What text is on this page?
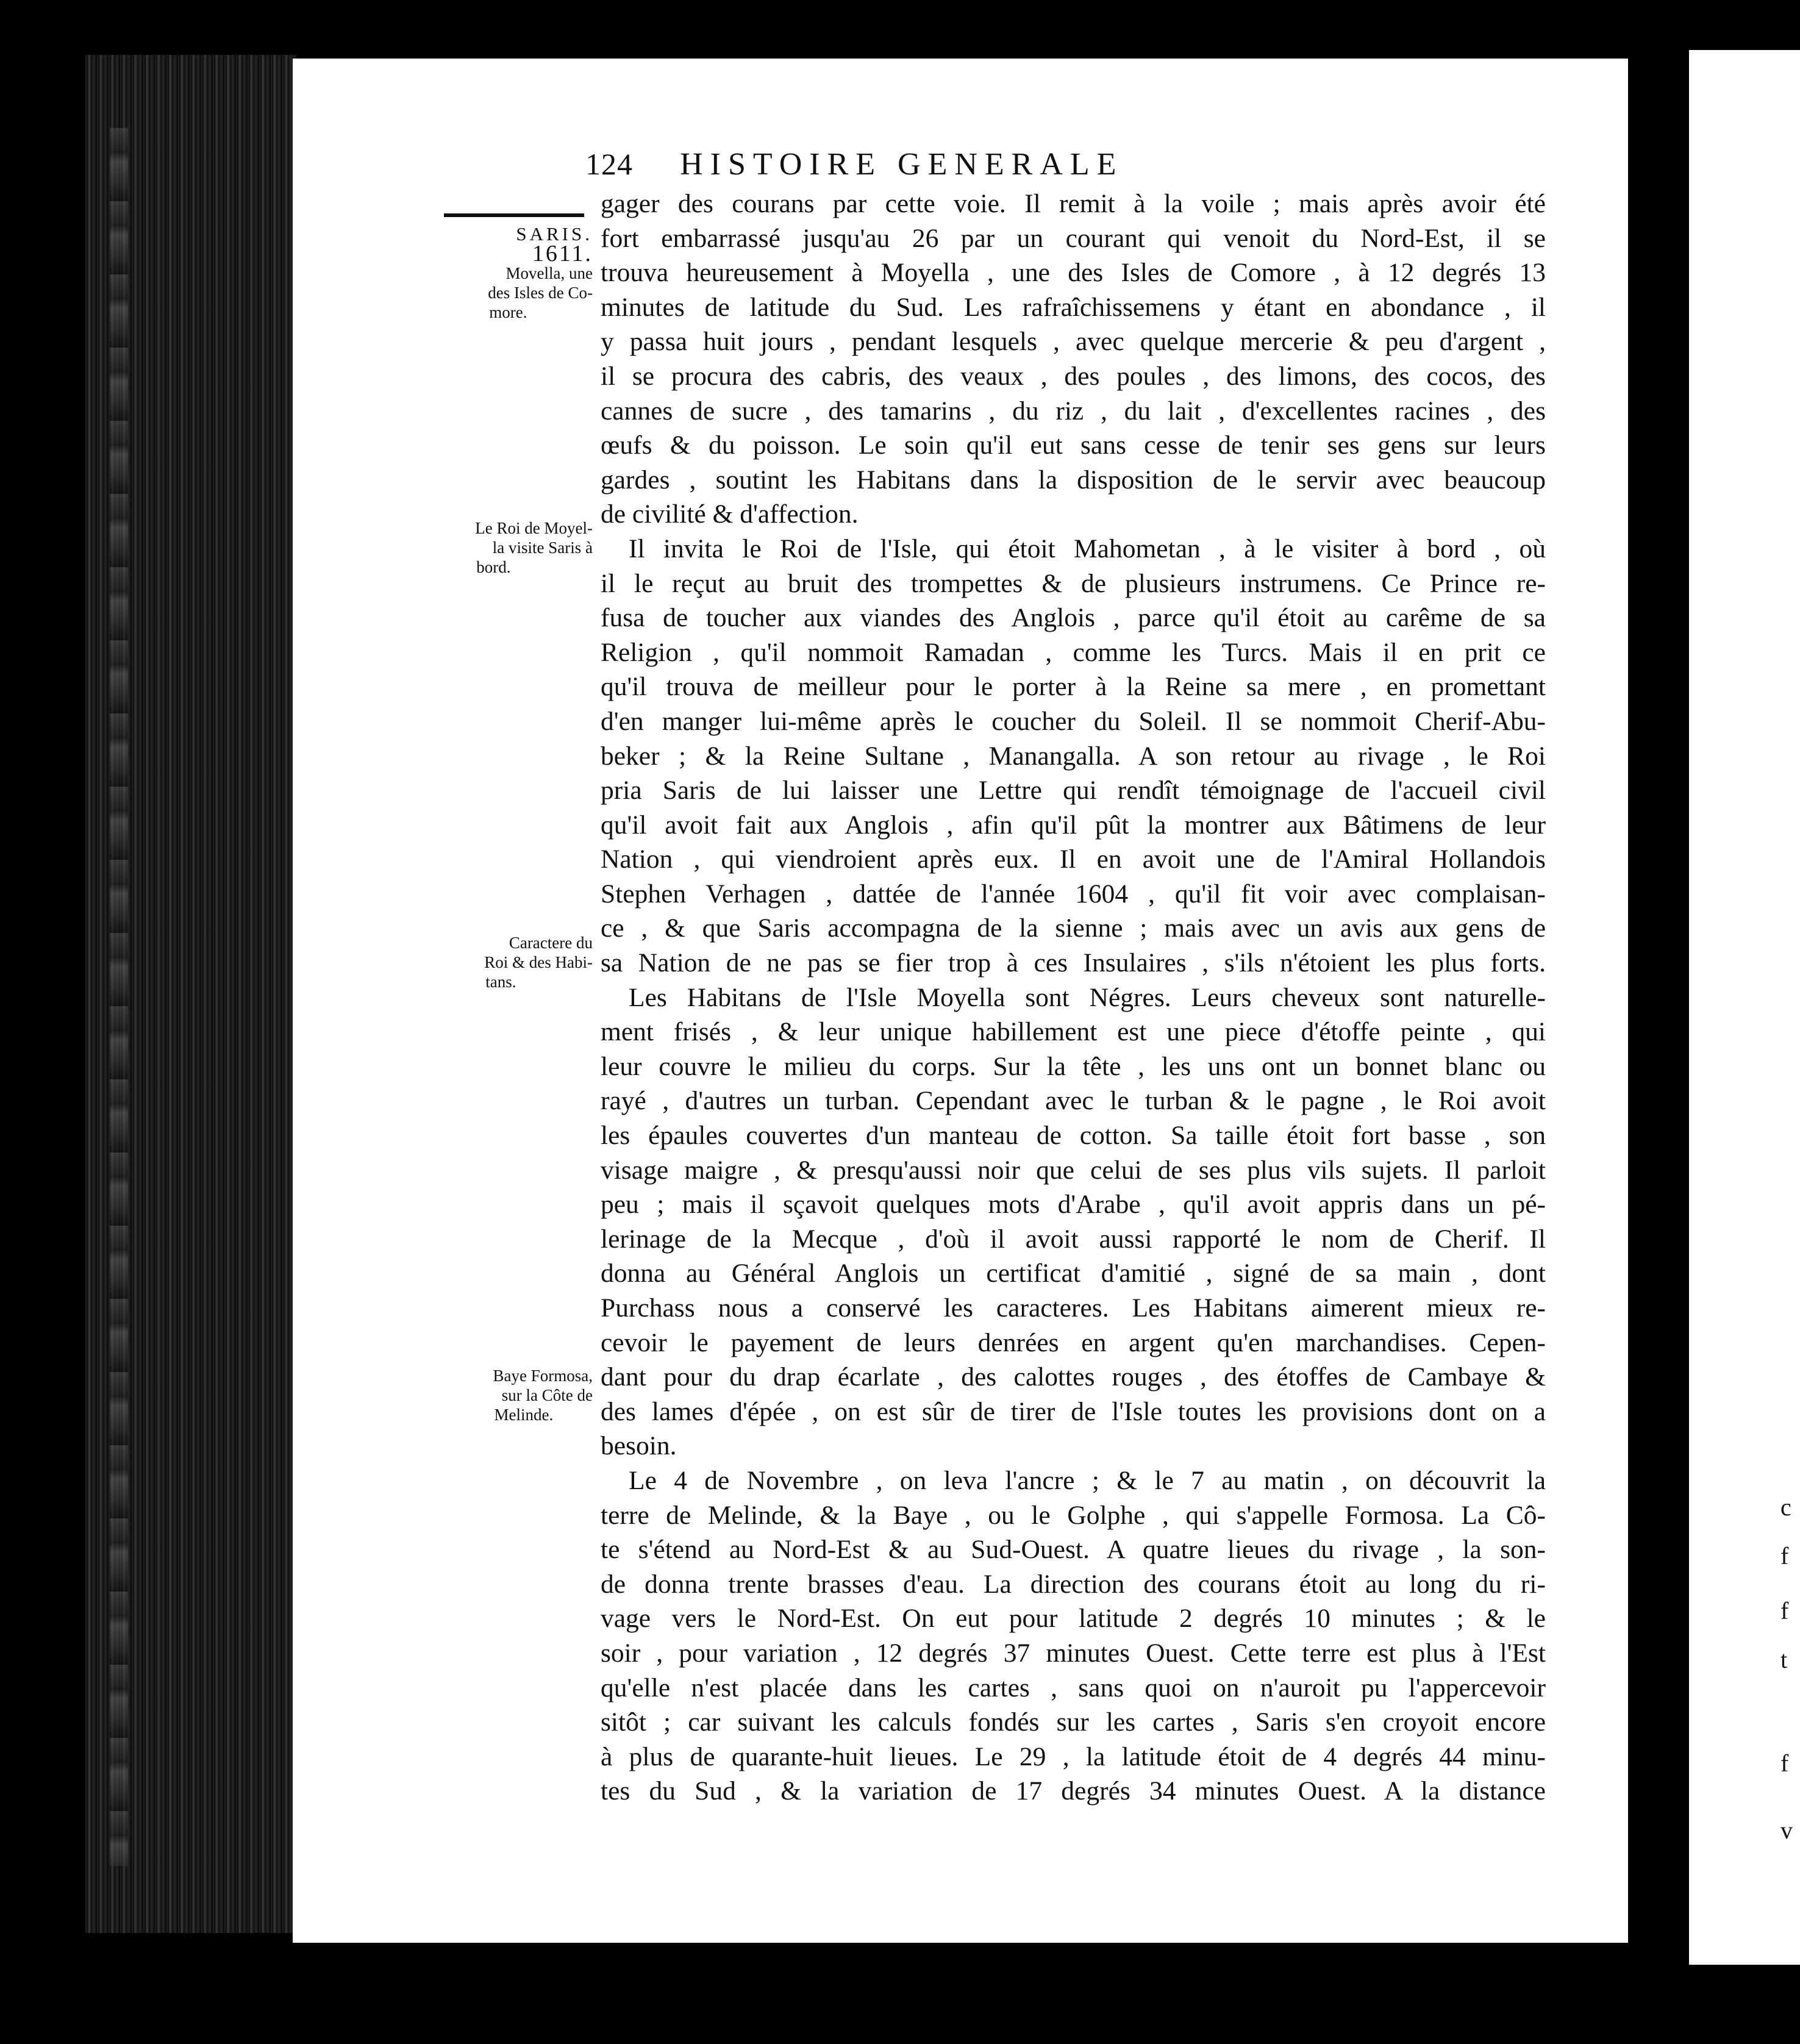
c
f
f
t
f
v
124 HISTOIRE GENERALE
SARIS.
1611.
Movella, une
des Isles de Co-
more.
Le Roi de Moyel-
la visite Saris à
bord.
Caractere du
Roi & des Habi-
tans.
Baye Formosa,
sur la Côte de
Melinde.
gager des courans par cette voie. Il remit à la voile ; mais après avoir été
fort embarrassé jusqu'au 26 par un courant qui venoit du Nord-Est, il se
trouva heureusement à Moyella , une des Isles de Comore , à 12 degrés 13
minutes de latitude du Sud. Les rafraîchissemens y étant en abondance , il
y passa huit jours , pendant lesquels , avec quelque mercerie & peu d'argent ,
il se procura des cabris, des veaux , des poules , des limons, des cocos, des
cannes de sucre , des tamarins , du riz , du lait , d'excellentes racines , des
œufs & du poisson. Le soin qu'il eut sans cesse de tenir ses gens sur leurs
gardes , soutint les Habitans dans la disposition de le servir avec beaucoup
de civilité & d'affection.
Il invita le Roi de l'Isle, qui étoit Mahometan , à le visiter à bord , où
il le reçut au bruit des trompettes & de plusieurs instrumens. Ce Prince re-
fusa de toucher aux viandes des Anglois , parce qu'il étoit au carême de sa
Religion , qu'il nommoit Ramadan , comme les Turcs. Mais il en prit ce
qu'il trouva de meilleur pour le porter à la Reine sa mere , en promettant
d'en manger lui-même après le coucher du Soleil. Il se nommoit Cherif-Abu-
beker ; & la Reine Sultane , Manangalla. A son retour au rivage , le Roi
pria Saris de lui laisser une Lettre qui rendît témoignage de l'accueil civil
qu'il avoit fait aux Anglois , afin qu'il pût la montrer aux Bâtimens de leur
Nation , qui viendroient après eux. Il en avoit une de l'Amiral Hollandois
Stephen Verhagen , dattée de l'année 1604 , qu'il fit voir avec complaisan-
ce , & que Saris accompagna de la sienne ; mais avec un avis aux gens de
sa Nation de ne pas se fier trop à ces Insulaires , s'ils n'étoient les plus forts.
Les Habitans de l'Isle Moyella sont Négres. Leurs cheveux sont naturelle-
ment frisés , & leur unique habillement est une piece d'étoffe peinte , qui
leur couvre le milieu du corps. Sur la tête , les uns ont un bonnet blanc ou
rayé , d'autres un turban. Cependant avec le turban & le pagne , le Roi avoit
les épaules couvertes d'un manteau de cotton. Sa taille étoit fort basse , son
visage maigre , & presqu'aussi noir que celui de ses plus vils sujets. Il parloit
peu ; mais il sçavoit quelques mots d'Arabe , qu'il avoit appris dans un pé-
lerinage de la Mecque , d'où il avoit aussi rapporté le nom de Cherif. Il
donna au Général Anglois un certificat d'amitié , signé de sa main , dont
Purchass nous a conservé les caracteres. Les Habitans aimerent mieux re-
cevoir le payement de leurs denrées en argent qu'en marchandises. Cepen-
dant pour du drap écarlate , des calottes rouges , des étoffes de Cambaye &
des lames d'épée , on est sûr de tirer de l'Isle toutes les provisions dont on a
besoin.
Le 4 de Novembre , on leva l'ancre ; & le 7 au matin , on découvrit la
terre de Melinde, & la Baye , ou le Golphe , qui s'appelle Formosa. La Cô-
te s'étend au Nord-Est & au Sud-Ouest. A quatre lieues du rivage , la son-
de donna trente brasses d'eau. La direction des courans étoit au long du ri-
vage vers le Nord-Est. On eut pour latitude 2 degrés 10 minutes ; & le
soir , pour variation , 12 degrés 37 minutes Ouest. Cette terre est plus à l'Est
qu'elle n'est placée dans les cartes , sans quoi on n'auroit pu l'appercevoir
sitôt ; car suivant les calculs fondés sur les cartes , Saris s'en croyoit encore
à plus de quarante-huit lieues. Le 29 , la latitude étoit de 4 degrés 44 minu-
tes du Sud , & la variation de 17 degrés 34 minutes Ouest. A la distance
